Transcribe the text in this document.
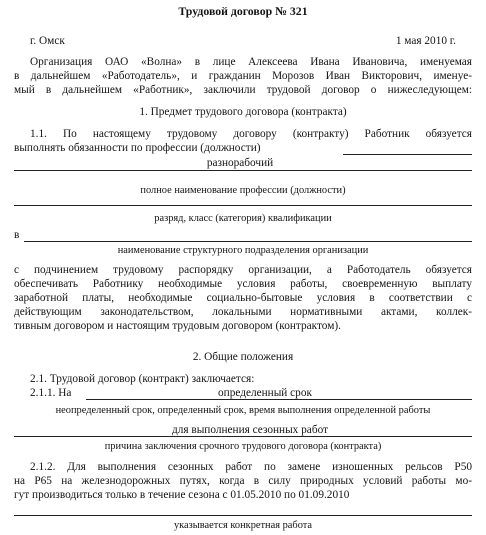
Трудовой договор № 321
г. Омск	1 мая 2010 г.
Организация ОАО «Волна» в лице Алексеева Ивана Ивановича, именуемая
в дальнейшем «Работодатель», и гражданин Морозов Иван Викторович, именуе-
мый в дальнейшем «Работник», заключили трудовой договор о нижеследующем:
1. Предмет трудового договора (контракта)
1.1. По настоящему трудовому договору (контракту) Работник обязуется
выполнять обязанности по профессии (должности)
разнорабочий
полное наименование профессии (должности)
разряд, класс (категория) квалификации
в
наименование структурного подразделения организации
с подчинением трудовому распорядку организации, а Работодатель обязуется
обеспечивать Работнику необходимые условия работы, своевременную выплату
заработной платы, необходимые социально-бытовые условия в соответствии с
действующим законодательством, локальными нормативными актами, коллек-
тивным договором и настоящим трудовым договором (контрактом).
2. Общие положения
2.1. Трудовой договор (контракт) заключается:
2.1.1. На	определенный срок
неопределенный срок, определенный срок, время выполнения определенной работы
для выполнения сезонных работ
причина заключения срочного трудового договора (контракта)
2.1.2. Для выполнения сезонных работ по замене изношенных рельсов Р50
на Р65 на железнодорожных путях, когда в силу природных условий работы мо-
гут производиться только в течение сезона с 01.05.2010 по 01.09.2010
указывается конкретная работа
